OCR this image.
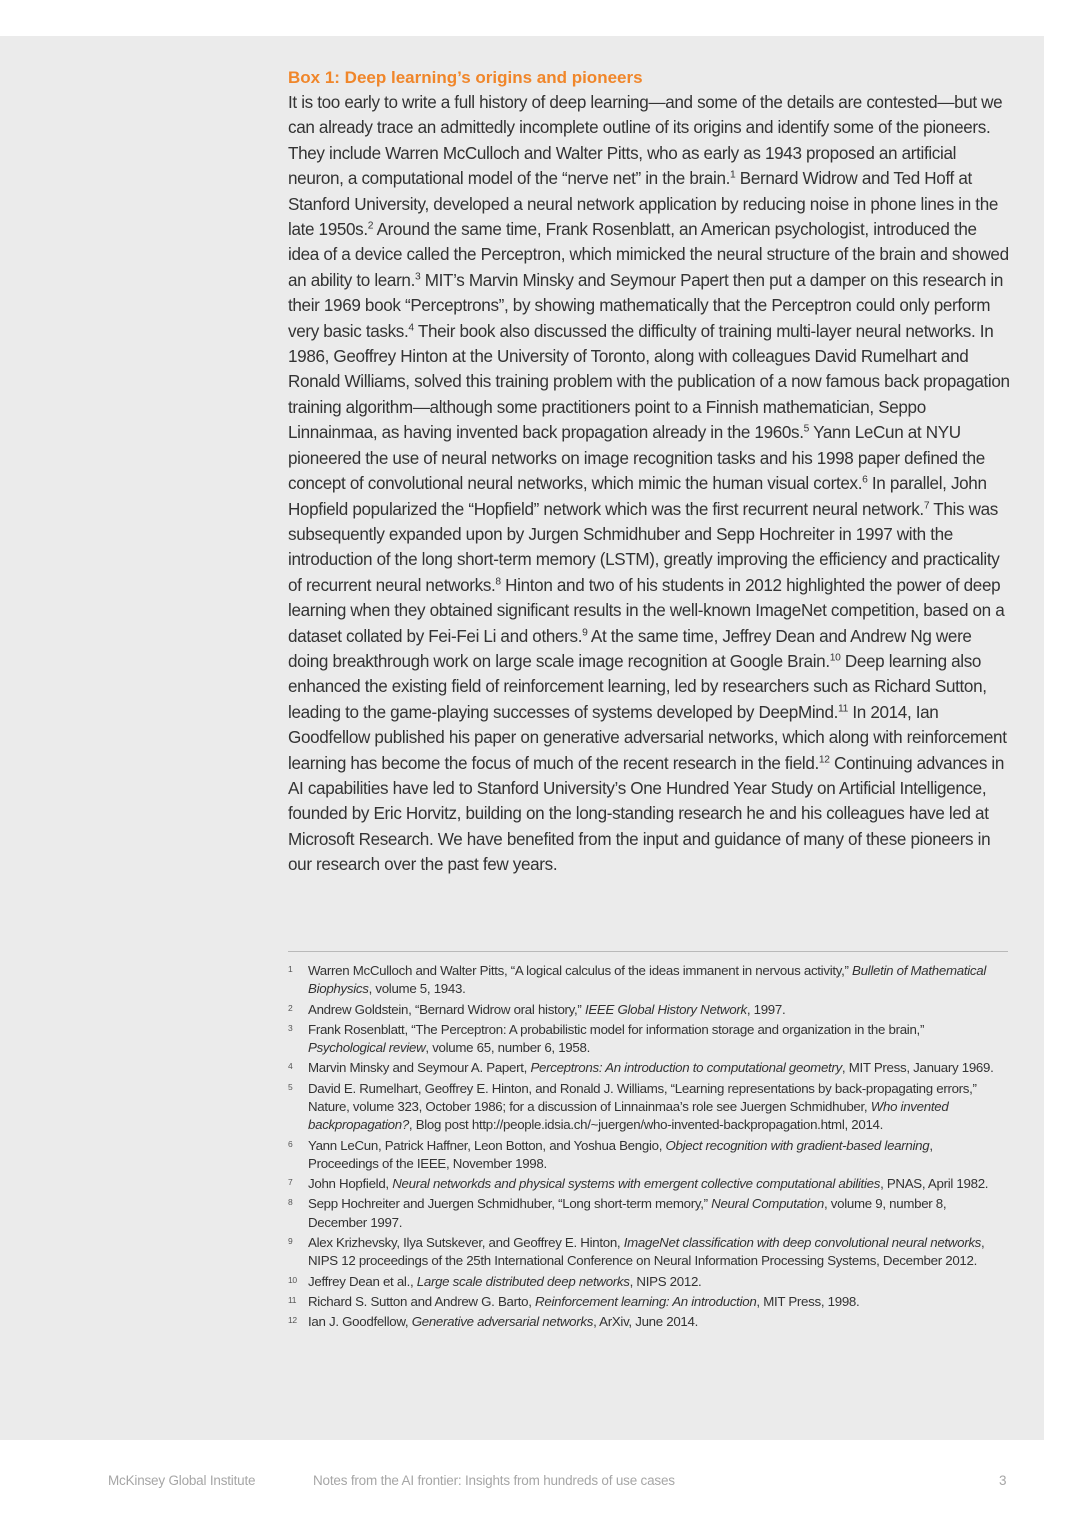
Box 1: Deep learning’s origins and pioneers

It is too early to write a full history of deep learning—and some of the details are contested—but we can already trace an admittedly incomplete outline of its origins and identify some of the pioneers. They include Warren McCulloch and Walter Pitts, who as early as 1943 proposed an artificial neuron, a computational model of the “nerve net” in the brain.$^1$ Bernard Widrow and Ted Hoff at Stanford University, developed a neural network application by reducing noise in phone lines in the late 1950s.$^2$ Around the same time, Frank Rosenblatt, an American psychologist, introduced the idea of a device called the Perceptron, which mimicked the neural structure of the brain and showed an ability to learn.$^3$ MIT’s Marvin Minsky and Seymour Papert then put a damper on this research in their 1969 book “Perceptrons”, by showing mathematically that the Perceptron could only perform very basic tasks.$^4$ Their book also discussed the difficulty of training multi-layer neural networks. In 1986, Geoffrey Hinton at the University of Toronto, along with colleagues David Rumelhart and Ronald Williams, solved this training problem with the publication of a now famous back propagation training algorithm—although some practitioners point to a Finnish mathematician, Seppo Linnainmaa, as having invented back propagation already in the 1960s.$^5$ Yann LeCun at NYU pioneered the use of neural networks on image recognition tasks and his 1998 paper defined the concept of convolutional neural networks, which mimic the human visual cortex.$^6$ In parallel, John Hopfield popularized the “Hopfield” network which was the first recurrent neural network.$^7$ This was subsequently expanded upon by Jurgen Schmidhuber and Sepp Hochreiter in 1997 with the introduction of the long short-term memory (LSTM), greatly improving the efficiency and practicality of recurrent neural networks.$^8$ Hinton and two of his students in 2012 highlighted the power of deep learning when they obtained significant results in the well-known ImageNet competition, based on a dataset collated by Fei-Fei Li and others.$^9$ At the same time, Jeffrey Dean and Andrew Ng were doing breakthrough work on large scale image recognition at Google Brain.$^{10}$ Deep learning also enhanced the existing field of reinforcement learning, led by researchers such as Richard Sutton, leading to the game-playing successes of systems developed by DeepMind.$^{11}$ In 2014, Ian Goodfellow published his paper on generative adversarial networks, which along with reinforcement learning has become the focus of much of the recent research in the field.$^{12}$ Continuing advances in AI capabilities have led to Stanford University’s One Hundred Year Study on Artificial Intelligence, founded by Eric Horvitz, building on the long-standing research he and his colleagues have led at Microsoft Research. We have benefited from the input and guidance of many of these pioneers in our research over the past few years.

1	Warren McCulloch and Walter Pitts, “A logical calculus of the ideas immanent in nervous activity,” Bulletin of Mathematical Biophysics, volume 5, 1943.
2	Andrew Goldstein, “Bernard Widrow oral history,” IEEE Global History Network, 1997.
3	Frank Rosenblatt, “The Perceptron: A probabilistic model for information storage and organization in the brain,” Psychological review, volume 65, number 6, 1958.
4	Marvin Minsky and Seymour A. Papert, Perceptrons: An introduction to computational geometry, MIT Press, January 1969.
5	David E. Rumelhart, Geoffrey E. Hinton, and Ronald J. Williams, “Learning representations by back-propagating errors,” Nature, volume 323, October 1986; for a discussion of Linnainmaa’s role see Juergen Schmidhuber, Who invented backpropagation?, Blog post http://people.idsia.ch/~juergen/who-invented-backpropagation.html, 2014.
6	Yann LeCun, Patrick Haffner, Leon Botton, and Yoshua Bengio, Object recognition with gradient-based learning, Proceedings of the IEEE, November 1998.
7	John Hopfield, Neural networkds and physical systems with emergent collective computational abilities, PNAS, April 1982.
8	Sepp Hochreiter and Juergen Schmidhuber, “Long short-term memory,” Neural Computation, volume 9, number 8, December 1997.
9	Alex Krizhevsky, Ilya Sutskever, and Geoffrey E. Hinton, ImageNet classification with deep convolutional neural networks, NIPS 12 proceedings of the 25th International Conference on Neural Information Processing Systems, December 2012.
10 Jeffrey Dean et al., Large scale distributed deep networks, NIPS 2012.
11 Richard S. Sutton and Andrew G. Barto, Reinforcement learning: An introduction, MIT Press, 1998.
12 Ian J. Goodfellow, Generative adversarial networks, ArXiv, June 2014.
McKinsey Global Institute	Notes from the AI frontier: Insights from hundreds of use cases	3
